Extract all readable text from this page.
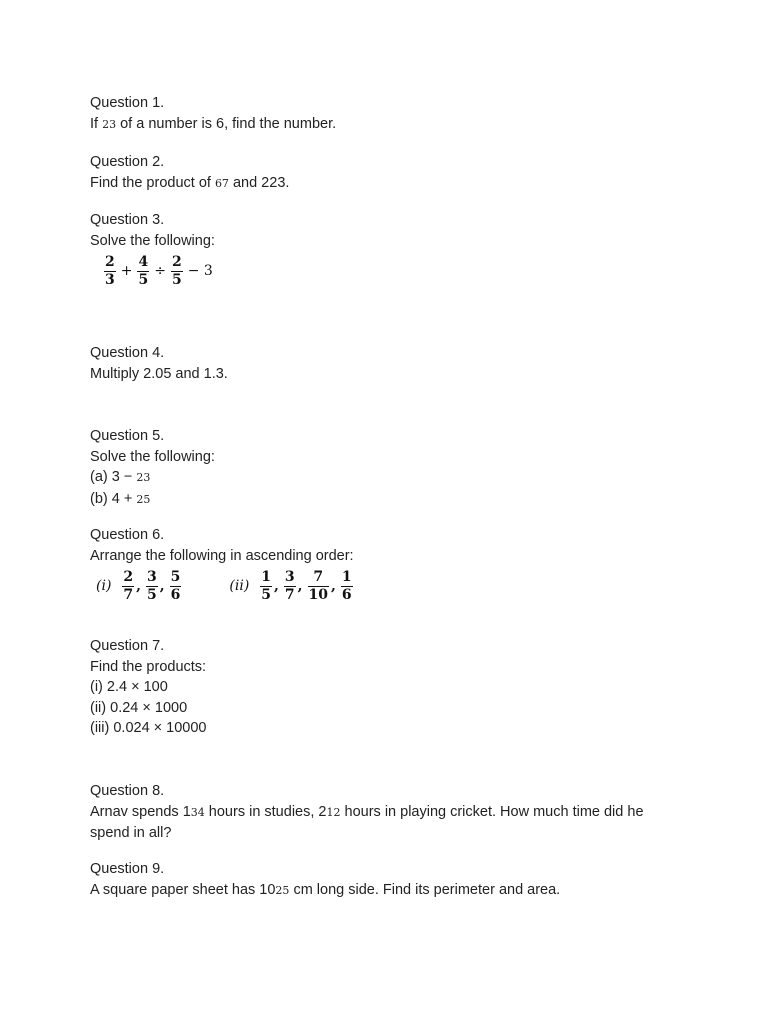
Question 1.
If 23 of a number is 6, find the number.
Question 2.
Find the product of 67 and 223.
Question 3.
Solve the following:
$\frac{2}{3} + \frac{4}{5} \div \frac{2}{5} - 3$
Question 4.
Multiply 2.05 and 1.3.
Question 5.
Solve the following:
(a) 3 − 23
(b) 4 + 25
Question 6.
Arrange the following in ascending order:
$(i) \frac{2}{7}$ , $\frac{3}{5}$ , $\frac{5}{6}$	$(ii) \frac{1}{5}$ , $\frac{3}{7}$ , $\frac{7}{10}$ , $\frac{1}{6}$
Question 7.
Find the products:
(i) 2.4 × 100
(ii) 0.24 × 1000
(iii) 0.024 × 10000
Question 8.
Arnav spends 134 hours in studies, 212 hours in playing cricket. How much time did he spend in all?
Question 9.
A square paper sheet has 1025 cm long side. Find its perimeter and area.
